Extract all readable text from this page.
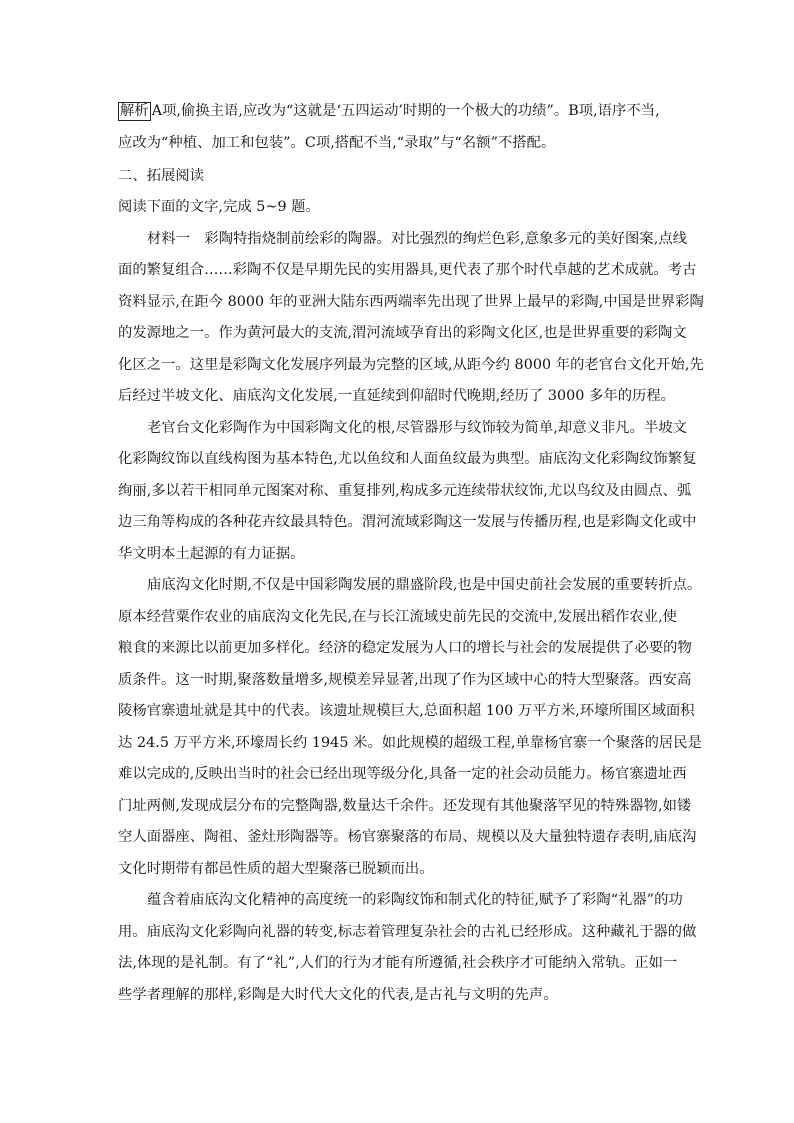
解析 A项,偷换主语,应改为“这就是‘五四运动’时期的一个极大的功绩”。B项,语序不当,
应改为“种植、加工和包装”。C项,搭配不当,“录取”与“名额”不搭配。
二、拓展阅读
阅读下面的文字,完成 5~9 题。
材料一　彩陶特指烧制前绘彩的陶器。对比强烈的绚烂色彩,意象多元的美好图案,点线
面的繁复组合……彩陶不仅是早期先民的实用器具,更代表了那个时代卓越的艺术成就。考古
资料显示,在距今 8000 年的亚洲大陆东西两端率先出现了世界上最早的彩陶,中国是世界彩陶
的发源地之一。作为黄河最大的支流,渭河流域孕育出的彩陶文化区,也是世界重要的彩陶文
化区之一。这里是彩陶文化发展序列最为完整的区域,从距今约 8000 年的老官台文化开始,先
后经过半坡文化、庙底沟文化发展,一直延续到仰韶时代晚期,经历了 3000 多年的历程。
老官台文化彩陶作为中国彩陶文化的根,尽管器形与纹饰较为简单,却意义非凡。半坡文
化彩陶纹饰以直线构图为基本特色,尤以鱼纹和人面鱼纹最为典型。庙底沟文化彩陶纹饰繁复
绚丽,多以若干相同单元图案对称、重复排列,构成多元连续带状纹饰,尤以鸟纹及由圆点、弧
边三角等构成的各种花卉纹最具特色。渭河流域彩陶这一发展与传播历程,也是彩陶文化或中
华文明本土起源的有力证据。
庙底沟文化时期,不仅是中国彩陶发展的鼎盛阶段,也是中国史前社会发展的重要转折点。
原本经营粟作农业的庙底沟文化先民,在与长江流域史前先民的交流中,发展出稻作农业,使
粮食的来源比以前更加多样化。经济的稳定发展为人口的增长与社会的发展提供了必要的物
质条件。这一时期,聚落数量增多,规模差异显著,出现了作为区域中心的特大型聚落。西安高
陵杨官寨遗址就是其中的代表。该遗址规模巨大,总面积超 100 万平方米,环壕所围区域面积
达 24.5 万平方米,环壕周长约 1945 米。如此规模的超级工程,单靠杨官寨一个聚落的居民是
难以完成的,反映出当时的社会已经出现等级分化,具备一定的社会动员能力。杨官寨遗址西
门址两侧,发现成层分布的完整陶器,数量达千余件。还发现有其他聚落罕见的特殊器物,如镂
空人面器座、陶祖、釜灶形陶器等。杨官寨聚落的布局、规模以及大量独特遗存表明,庙底沟
文化时期带有都邑性质的超大型聚落已脱颖而出。
蕴含着庙底沟文化精神的高度统一的彩陶纹饰和制式化的特征,赋予了彩陶“礼器”的功
用。庙底沟文化彩陶向礼器的转变,标志着管理复杂社会的古礼已经形成。这种藏礼于器的做
法,体现的是礼制。有了“礼”,人们的行为才能有所遵循,社会秩序才可能纳入常轨。正如一
些学者理解的那样,彩陶是大时代大文化的代表,是古礼与文明的先声。
